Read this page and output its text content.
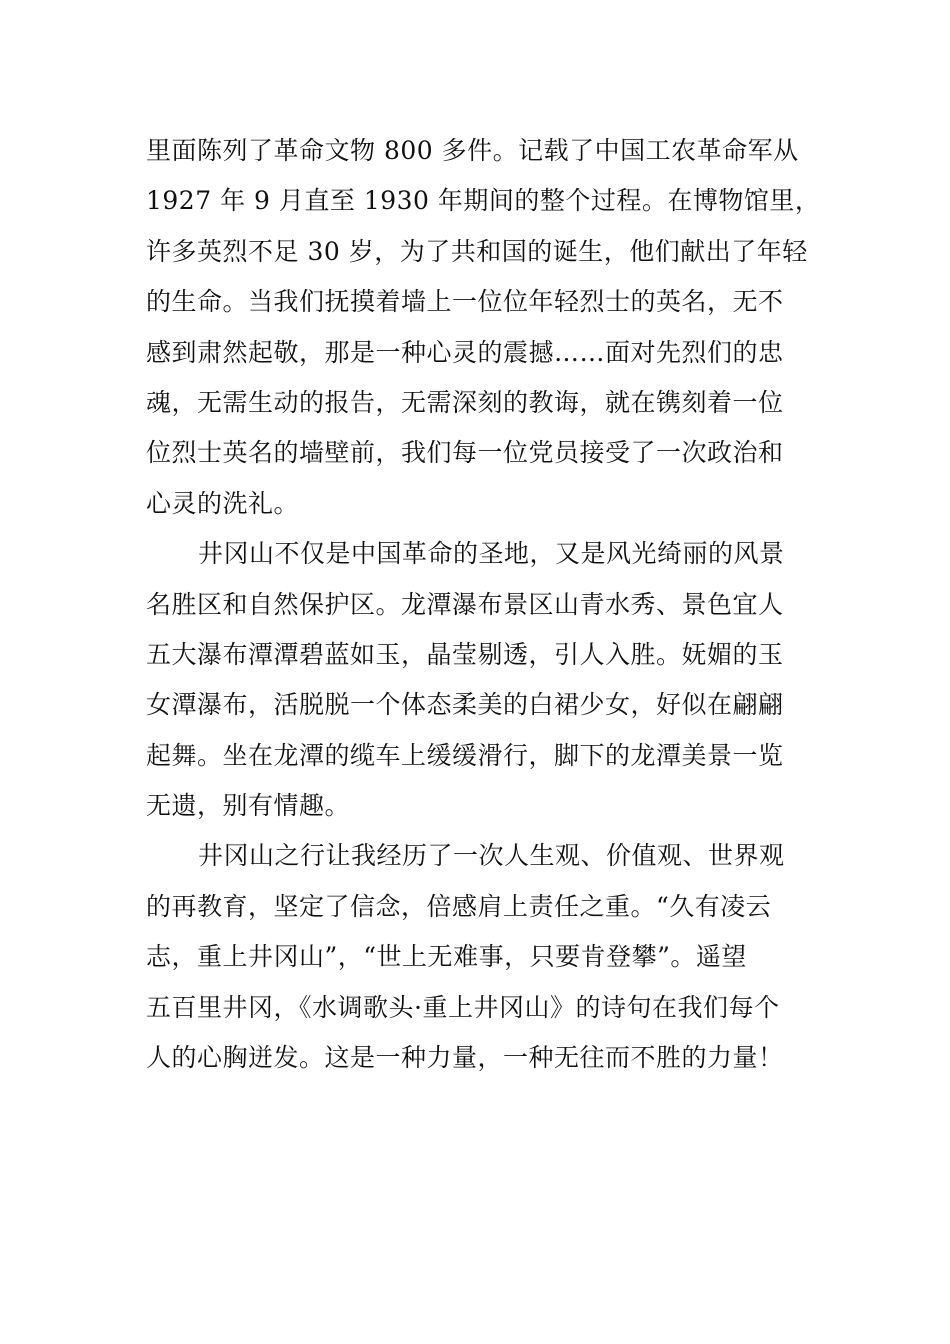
里面陈列了革命文物 800 多件。记载了中国工农革命军从
1927 年 9 月直至 1930 年期间的整个过程。在博物馆里，
许多英烈不足 30 岁，为了共和国的诞生，他们献出了年轻
的生命。当我们抚摸着墙上一位位年轻烈士的英名，无不
感到肃然起敬，那是一种心灵的震撼……面对先烈们的忠
魂，无需生动的报告，无需深刻的教诲，就在镌刻着一位
位烈士英名的墙壁前，我们每一位党员接受了一次政治和
心灵的洗礼。
井冈山不仅是中国革命的圣地，又是风光绮丽的风景
名胜区和自然保护区。龙潭瀑布景区山青水秀、景色宜人
五大瀑布潭潭碧蓝如玉，晶莹剔透，引人入胜。妩媚的玉
女潭瀑布，活脱脱一个体态柔美的白裙少女，好似在翩翩
起舞。坐在龙潭的缆车上缓缓滑行，脚下的龙潭美景一览
无遗，别有情趣。
井冈山之行让我经历了一次人生观、价值观、世界观
的再教育，坚定了信念，倍感肩上责任之重。“久有凌云
志，重上井冈山”，“世上无难事，只要肯登攀”。遥望
五百里井冈，《水调歌头·重上井冈山》的诗句在我们每个
人的心胸迸发。这是一种力量，一种无往而不胜的力量！
